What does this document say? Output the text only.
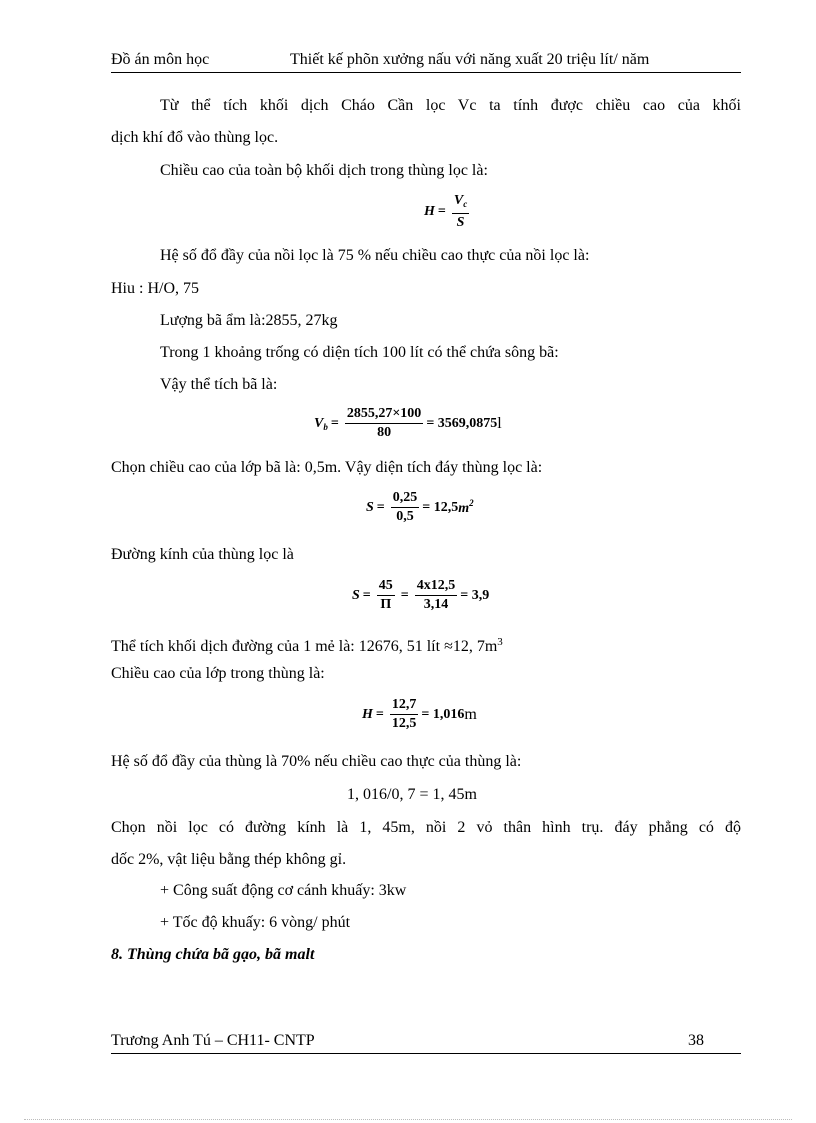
Đồ án môn học	Thiết kế phõn xưởng nấu với năng xuất 20 triệu lít/ năm
Từ thể tích khối dịch Cháo Cần lọc Vc ta tính được chiều cao của khối
dịch khí đổ vào thùng lọc.
Chiều cao của toàn bộ khối dịch trong thùng lọc là:
$H = \frac{V_c}{S}$
Hệ số đổ đầy của nồi lọc là 75 % nếu chiều cao thực của nồi lọc là:
Hiu : H/O, 75
Lượng bã ẩm là:2855, 27kg
Trong 1 khoảng trống có diện tích 100 lít có thể chứa sông bã:
Vậy thể tích bã là:
$V_b = \frac{2855,27\times 100}{80} = 3569,0875$ l
Chọn chiều cao của lớp bã là: 0,5m. Vậy diện tích đáy thùng lọc là:
$S = \frac{0,25}{0,5} = 12,5$ $m^2$
Đường kính của thùng lọc là
$S = \frac{45}{\Pi} = \frac{4x12,5}{3,14} = 3,9$
Thể tích khối dịch đường của 1 mẻ là: 12676, 51 lít ≈12, $7m^3$
Chiều cao của lớp trong thùng là:
$H = \frac{12,7}{12,5} = 1,016$ m
Hệ số đổ đầy của thùng là 70% nếu chiều cao thực của thùng là:
1, 016/0, 7 = 1, 45m
Chọn nồi lọc có đường kính là 1, 45m, nồi 2 vỏ thân hình trụ. đáy phẳng có độ
dốc 2%, vật liệu bằng thép không gỉ.
+ Công suất động cơ cánh khuấy: 3kw
+ Tốc độ khuấy: 6 vòng/ phút
8. Thùng chứa bã gạo, bã malt
Trương Anh Tú – CH11- CNTP	38
